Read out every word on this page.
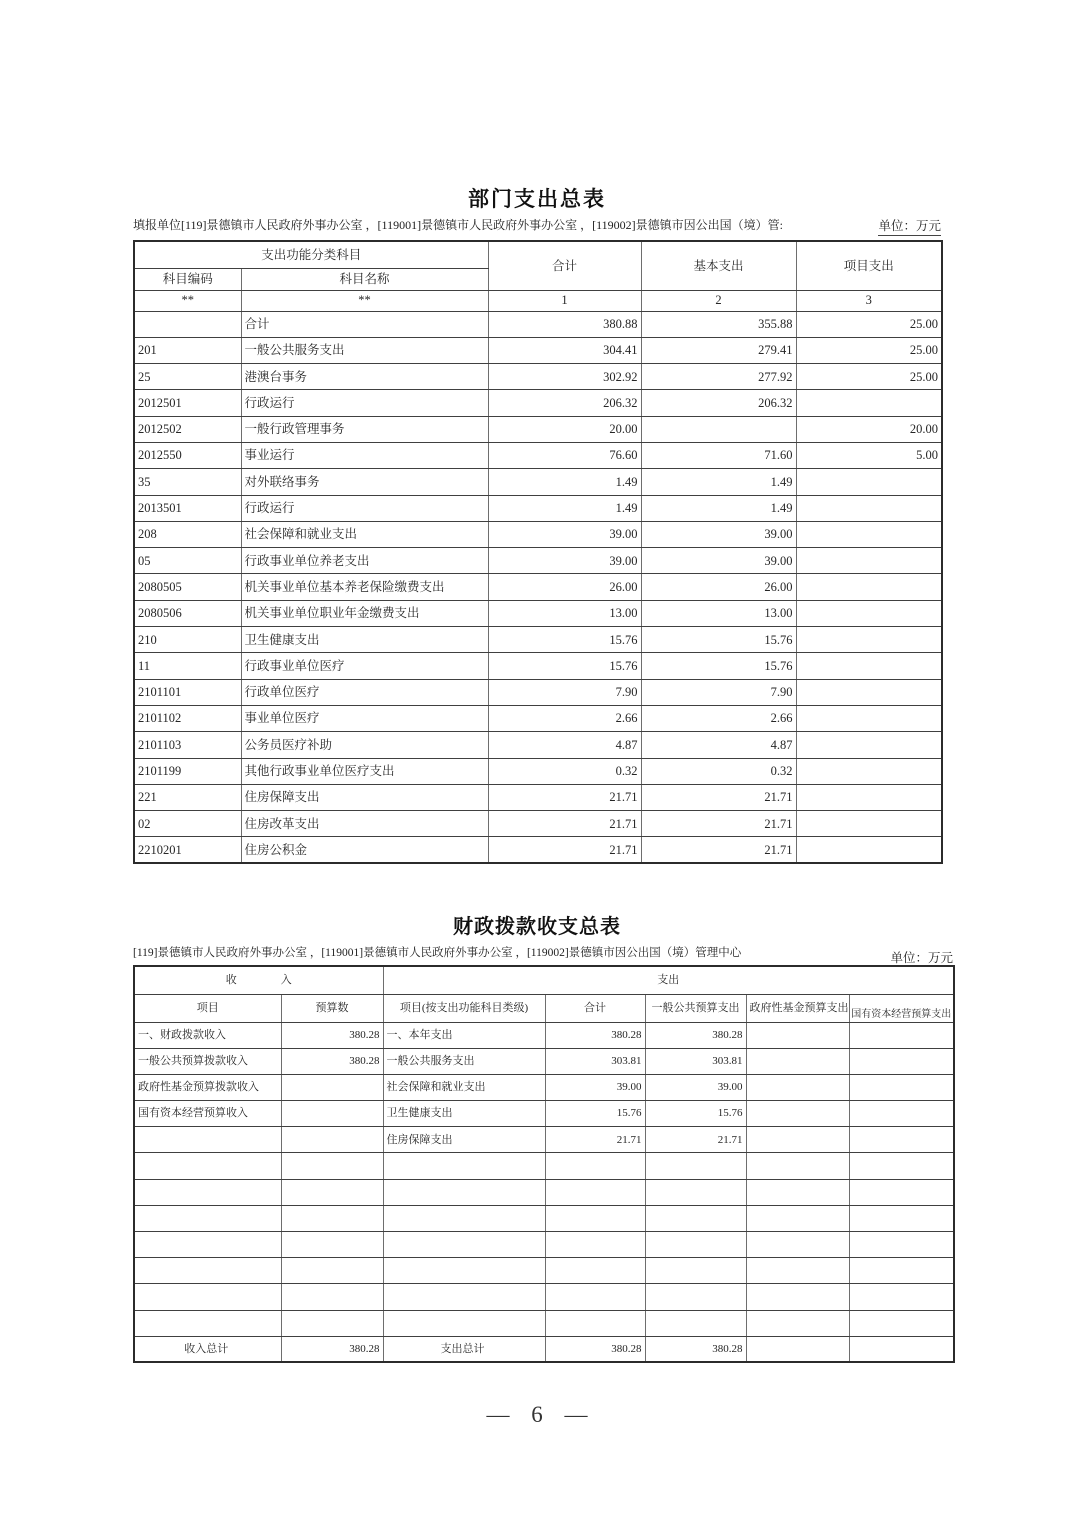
部门支出总表
填报单位[119]景德镇市人民政府外事办公室 ，[119001]景德镇市人民政府外事办公室 ，[119002]景德镇市因公出国（境）管:	单位：万元
支出功能分类科目		合计	基本支出	项目支出
科目编码	科目名称			
**	**	1	2	3
	合计	380.88	355.88	25.00
201	一般公共服务支出	304.41	279.41	25.00
25	港澳台事务	302.92	277.92	25.00
2012501	行政运行	206.32	206.32	
2012502	一般行政管理事务	20.00		20.00
2012550	事业运行	76.60	71.60	5.00
35	对外联络事务	1.49	1.49	
2013501	行政运行	1.49	1.49	
208	社会保障和就业支出	39.00	39.00	
05	行政事业单位养老支出	39.00	39.00	
2080505	机关事业单位基本养老保险缴费支出	26.00	26.00	
2080506	机关事业单位职业年金缴费支出	13.00	13.00	
210	卫生健康支出	15.76	15.76	
11	行政事业单位医疗	15.76	15.76	
2101101	行政单位医疗	7.90	7.90	
2101102	事业单位医疗	2.66	2.66	
2101103	公务员医疗补助	4.87	4.87	
2101199	其他行政事业单位医疗支出	0.32	0.32	
221	住房保障支出	21.71	21.71	
02	住房改革支出	21.71	21.71	
2210201	住房公积金	21.71	21.71	
财政拨款收支总表
[119]景德镇市人民政府外事办公室 ，[119001]景德镇市人民政府外事办公室 ，[119002]景德镇市因公出国（境）管理中心	单位：万元
收　　　　入		支出				
项目	预算数	项目(按支出功能科目类级)	合计	一般公共预算支出	政府性基金预算支出	国有资本经营预算支出
一、财政拨款收入	380.28	一、本年支出	380.28	380.28		
一般公共预算拨款收入	380.28	一般公共服务支出	303.81	303.81		
政府性基金预算拨款收入		社会保障和就业支出	39.00	39.00		
国有资本经营预算收入		卫生健康支出	15.76	15.76		
		住房保障支出	21.71	21.71		

收入总计	380.28	支出总计	380.28	380.28		
— 6 —
